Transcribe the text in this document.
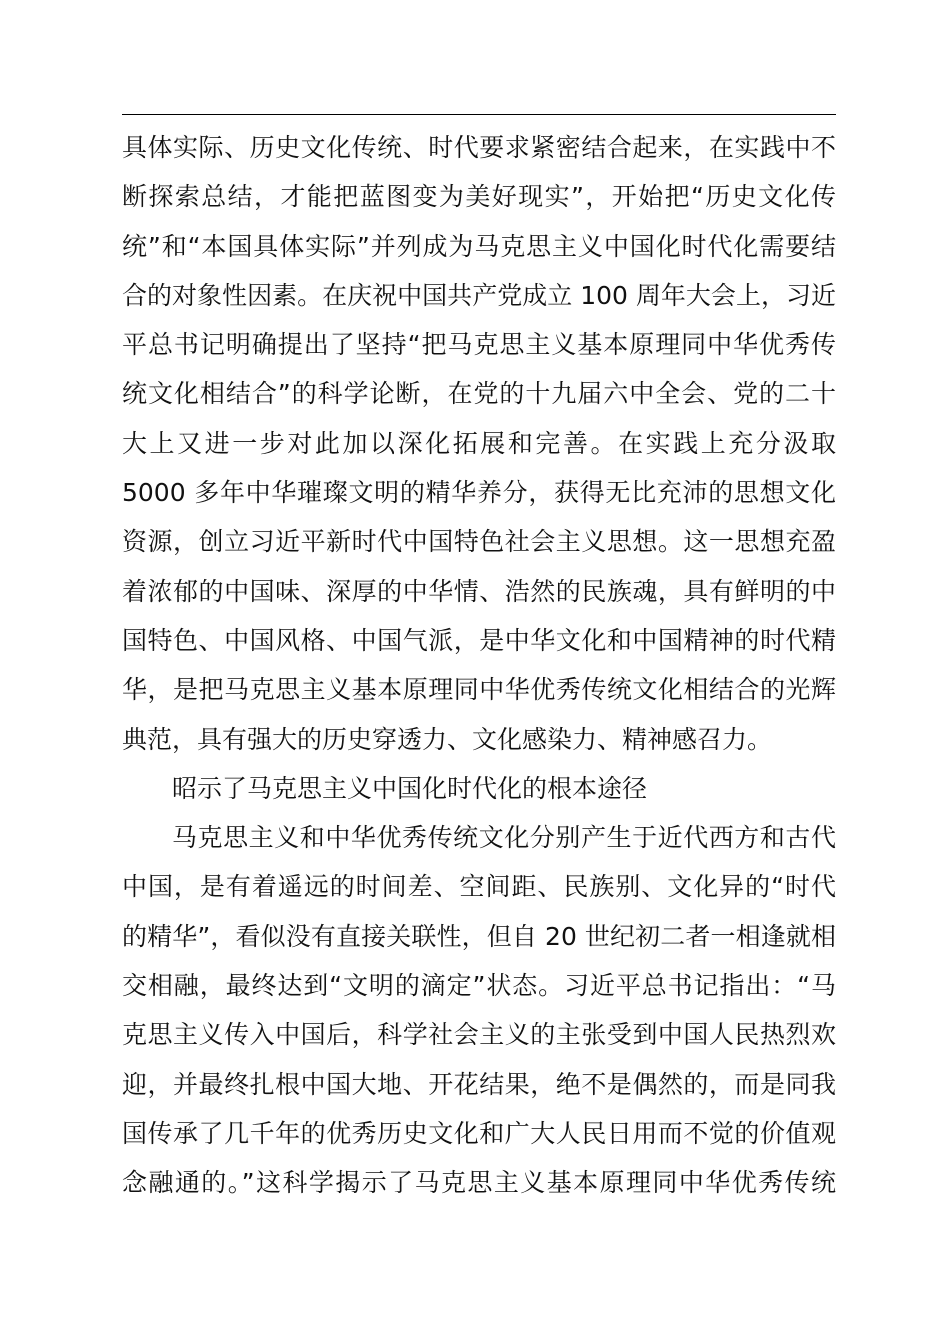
具体实际、历史文化传统、时代要求紧密结合起来，在实践中不
断探索总结，才能把蓝图变为美好现实”，开始把“历史文化传
统”和“本国具体实际”并列成为马克思主义中国化时代化需要结
合的对象性因素。在庆祝中国共产党成立 100 周年大会上，习近
平总书记明确提出了坚持“把马克思主义基本原理同中华优秀传
统文化相结合”的科学论断，在党的十九届六中全会、党的二十
大上又进一步对此加以深化拓展和完善。在实践上充分汲取
5000 多年中华璀璨文明的精华养分，获得无比充沛的思想文化
资源，创立习近平新时代中国特色社会主义思想。这一思想充盈
着浓郁的中国味、深厚的中华情、浩然的民族魂，具有鲜明的中
国特色、中国风格、中国气派，是中华文化和中国精神的时代精
华，是把马克思主义基本原理同中华优秀传统文化相结合的光辉
典范，具有强大的历史穿透力、文化感染力、精神感召力。
昭示了马克思主义中国化时代化的根本途径
马克思主义和中华优秀传统文化分别产生于近代西方和古代
中国，是有着遥远的时间差、空间距、民族别、文化异的“时代
的精华”，看似没有直接关联性，但自 20 世纪初二者一相逢就相
交相融，最终达到“文明的滴定”状态。习近平总书记指出：“马
克思主义传入中国后，科学社会主义的主张受到中国人民热烈欢
迎，并最终扎根中国大地、开花结果，绝不是偶然的，而是同我
国传承了几千年的优秀历史文化和广大人民日用而不觉的价值观
念融通的。”这科学揭示了马克思主义基本原理同中华优秀传统
